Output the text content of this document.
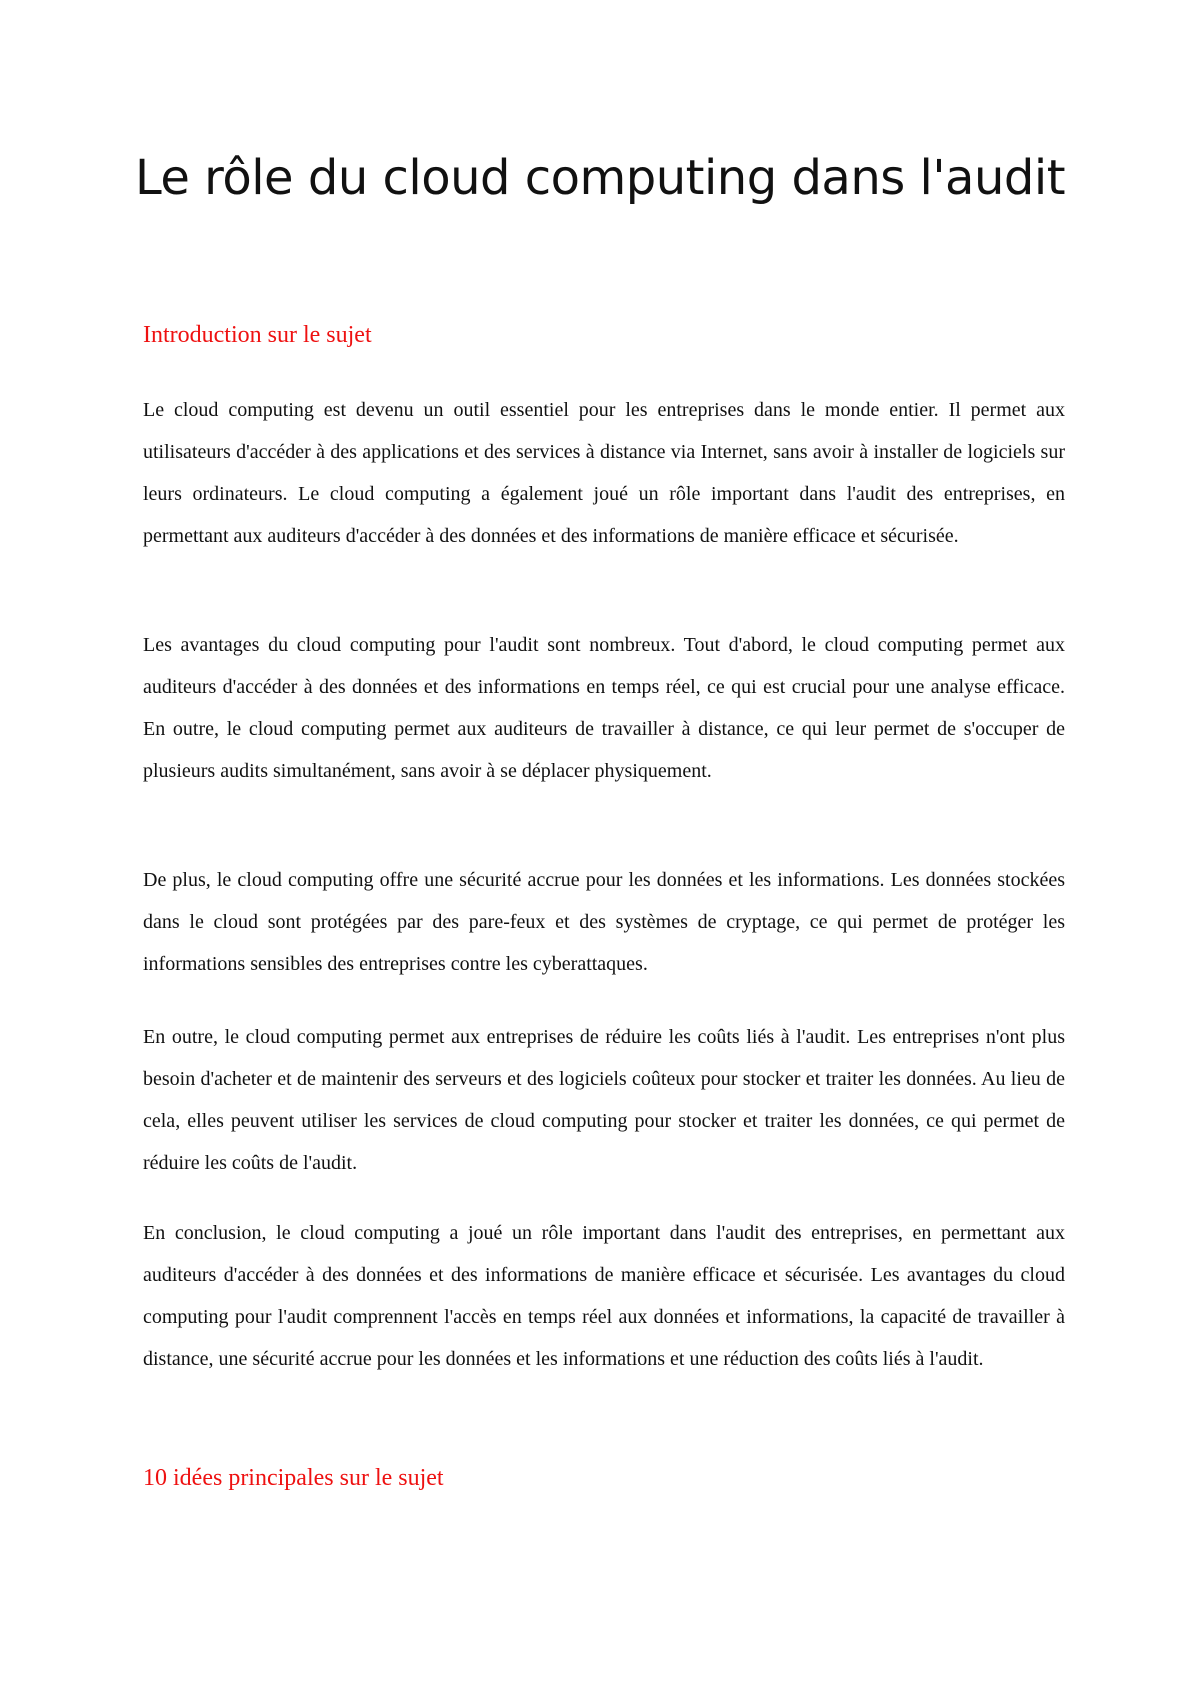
Le rôle du cloud computing dans l'audit
Introduction sur le sujet

Le cloud computing est devenu un outil essentiel pour les entreprises dans le monde entier. Il permet aux utilisateurs d'accéder à des applications et des services à distance via Internet, sans avoir à installer de logiciels sur leurs ordinateurs. Le cloud computing a également joué un rôle important dans l'audit des entreprises, en permettant aux auditeurs d'accéder à des données et des informations de manière efficace et sécurisée.

Les avantages du cloud computing pour l'audit sont nombreux. Tout d'abord, le cloud computing permet aux auditeurs d'accéder à des données et des informations en temps réel, ce qui est crucial pour une analyse efficace. En outre, le cloud computing permet aux auditeurs de travailler à distance, ce qui leur permet de s'occuper de plusieurs audits simultanément, sans avoir à se déplacer physiquement.

De plus, le cloud computing offre une sécurité accrue pour les données et les informations. Les données stockées dans le cloud sont protégées par des pare-feux et des systèmes de cryptage, ce qui permet de protéger les informations sensibles des entreprises contre les cyberattaques.

En outre, le cloud computing permet aux entreprises de réduire les coûts liés à l'audit. Les entreprises n'ont plus besoin d'acheter et de maintenir des serveurs et des logiciels coûteux pour stocker et traiter les données. Au lieu de cela, elles peuvent utiliser les services de cloud computing pour stocker et traiter les données, ce qui permet de réduire les coûts de l'audit.

En conclusion, le cloud computing a joué un rôle important dans l'audit des entreprises, en permettant aux auditeurs d'accéder à des données et des informations de manière efficace et sécurisée. Les avantages du cloud computing pour l'audit comprennent l'accès en temps réel aux données et informations, la capacité de travailler à distance, une sécurité accrue pour les données et les informations et une réduction des coûts liés à l'audit.

10 idées principales sur le sujet
